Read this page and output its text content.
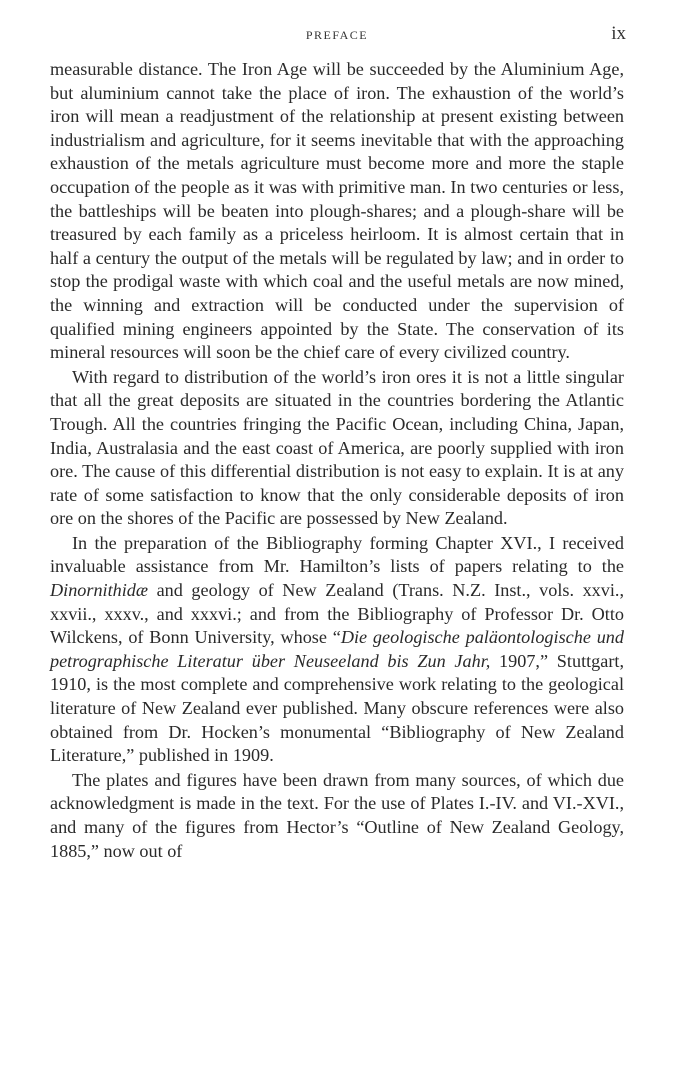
PREFACE	ix

measurable distance. The Iron Age will be succeeded by the Aluminium Age, but aluminium cannot take the place of iron. The exhaustion of the world’s iron will mean a readjustment of the relationship at present existing between industrialism and agriculture, for it seems inevitable that with the approaching exhaustion of the metals agriculture must become more and more the staple occupation of the people as it was with primitive man. In two centuries or less, the battleships will be beaten into plough-shares; and a plough-share will be treasured by each family as a priceless heirloom. It is almost certain that in half a century the output of the metals will be regulated by law; and in order to stop the prodigal waste with which coal and the useful metals are now mined, the winning and extraction will be conducted under the supervision of qualified mining engineers appointed by the State. The conservation of its mineral resources will soon be the chief care of every civilized country.

With regard to distribution of the world’s iron ores it is not a little singular that all the great deposits are situated in the countries bordering the Atlantic Trough. All the countries fringing the Pacific Ocean, including China, Japan, India, Australasia and the east coast of America, are poorly supplied with iron ore. The cause of this differential distribution is not easy to explain. It is at any rate of some satisfaction to know that the only considerable deposits of iron ore on the shores of the Pacific are possessed by New Zealand.

In the preparation of the Bibliography forming Chapter XVI., I received invaluable assistance from Mr. Hamilton’s lists of papers relating to the Dinornithidæ and geology of New Zealand (Trans. N.Z. Inst., vols. xxvi., xxvii., xxxv., and xxxvi.; and from the Bibliography of Professor Dr. Otto Wilckens, of Bonn University, whose “Die geologische paläontologische und petrographische Literatur über Neuseeland bis Zun Jahr, 1907,” Stuttgart, 1910, is the most complete and comprehensive work relating to the geological literature of New Zealand ever published. Many obscure references were also obtained from Dr. Hocken’s monumental “Bibliography of New Zealand Literature,” published in 1909.

The plates and figures have been drawn from many sources, of which due acknowledgment is made in the text. For the use of Plates I.-IV. and VI.-XVI., and many of the figures from Hector’s “Outline of New Zealand Geology, 1885,” now out of
